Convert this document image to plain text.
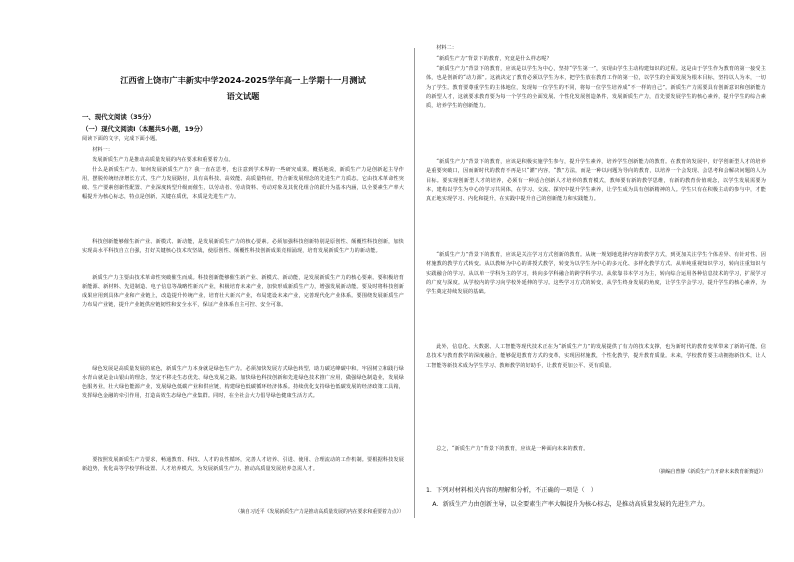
江西省上饶市广丰新实中学2024-2025学年高一上学期十一月测试
语文试题
一、现代文阅读（35分）
（一）现代文阅读Ⅰ（本题共5小题，19分）
阅读下面的文字，完成下面小题。
材料一：
发展新质生产力是推动高质量发展的内在要求和重要着力点。
什么是新质生产力、如何发展新质生产力？我一直在思考，也注意到学术界的一些研究成果。概括地说，新质生产力是创新起主导作用，摆脱传统经济增长方式、生产力发展路径，具有高科技、高效能、高质量特征，符合新发展理念的先进生产力质态。它由技术革命性突破、生产要素创新性配置、产业深度转型升级而催生，以劳动者、劳动资料、劳动对象及其优化组合的跃升为基本内涵，以全要素生产率大幅提升为核心标志，特点是创新，关键在质优，本质是先进生产力。
科技创新能够催生新产业、新模式、新动能，是发展新质生产力的核心要素。必须加强科技创新特别是原创性、颠覆性科技创新，加快实现高水平科技自立自强，打好关键核心技术攻坚战，使原创性、颠覆性科技创新成果竞相涌现，培育发展新质生产力的新动能。
新质生产力主要由技术革命性突破催生而成。科技创新能够催生新产业、新模式、新动能，是发展新质生产力的核心要素。要积极培育新能源、新材料、先进制造、电子信息等战略性新兴产业，积极培育未来产业，加快形成新质生产力，增强发展新动能。要及时将科技创新成果应用到具体产业和产业链上，改造提升传统产业，培育壮大新兴产业，布局建设未来产业，完善现代化产业体系。要围绕发展新质生产力布局产业链，提升产业链供应链韧性和安全水平，保证产业体系自主可控、安全可靠。
绿色发展是高质量发展的底色，新质生产力本身就是绿色生产力。必须加快发展方式绿色转型，助力碳达峰碳中和。牢固树立和践行绿水青山就是金山银山的理念，坚定不移走生态优先、绿色发展之路。加快绿色科技创新和先进绿色技术推广应用，做强绿色制造业，发展绿色服务业，壮大绿色能源产业，发展绿色低碳产业和供应链，构建绿色低碳循环经济体系。持续优化支持绿色低碳发展的经济政策工具箱，发挥绿色金融的牵引作用，打造高效生态绿色产业集群。同时，在全社会大力倡导绿色健康生活方式。
要按照发展新质生产力要求，畅通教育、科技、人才的良性循环，完善人才培养、引进、使用、合理流动的工作机制。要根据科技发展新趋势，优化高等学校学科设置、人才培养模式，为发展新质生产力、推动高质量发展培养急需人才。
（摘自习近平《发展新质生产力是推动高质量发展的内在要求和重要着力点》）
材料二：
“新质生产力”背景下的教育，究竟是什么样态呢？
“新质生产力”背景下的教育，应该是以学生为中心，坚持“学生第一”，实现由学生主动构建知识的过程。这是由于学生作为教育的第一接受主体，也是创新的“动力源”。这就决定了教育必须以学生为本，把学生放在教育工作的第一位，以学生的全面发展为根本目标，坚持以人为本，一切为了学生。教育要尊重学生的主体地位，发现每一位学生的不同，将每一位学生培养成“不一样的自己”。新质生产力需要具有创新意识和创新能力的新型人才，这就要求教育要为每一个学生的全面发展、个性化发展创造条件，发展新质生产力，首先要发展学生的核心素养，提升学生的综合素质，培养学生的创新能力。
“新质生产力”背景下的教育，应该是积极实施学生参与，提升学生素养，培养学生创新能力的教育。在教育的发展中，好学创新型人才的培养是重要突破口，因而新时代的教育不再是只“灌”内容，“教”方法，而是一种以问题为导向的教育，以培养一个会发现、会思考和会解决问题的人为目标。要实现创新型人才的培养，必须有一种适合创新人才培养的教育模式，教师要有新的教学思维，有新的教育价值观念，以学生发展需要为本，建构以学生为中心的学习共同体，在学习、交流、探究中提升学生素养，让学生成为具有创新精神的人。学生只有在积极主动的参与中，才能真正地实现学习、内化和提升，在实践中提升自己的创新能力和实践能力。
“新质生产力”背景下的教育，应该是关注学习方式创新的教育。从统一规划地选择内容的教学方式，到更加关注学生个体差异、有针对性、因材施教的教学方式转变。从以教师为中心的讲授式教学，转变为以学生为中心的多元化、多样化教学方式。从单纯重视知识学习，转向注重知识与实践融合的学习。从以单一学科为主的学习，转向多学科融合的跨学科学习。从依靠书本学习为主，转向综合运用各种信息技术的学习，扩展学习的广度与深度。从学校内的学习向学校外延伸的学习。这些学习方式的转变，从学生终身发展的角度，让学生学会学习，提升学生的核心素养，为学生奠定持续发展的基础。
此外，信息化、大数据、人工智能等现代技术正在为“新质生产力”的发展提供了有力的技术支撑，也为新时代的教育变革带来了新的可能。信息技术与教育教学的深度融合，能够促进教育方式的变革，实现因材施教，个性化教学，提升教育质量。未来，学校教育要主动拥抱新技术，让人工智能等新技术成为学生学习、教师教学的好助手，让教育更加公平、更有质量。
总之，“新质生产力”背景下的教育，应该是一种面向未来的教育。
（摘编自曾静《新质生产力开辟未来教育新赛道》）
1．下列对材料相关内容的理解和分析，不正确的一项是（　）
A．新质生产力由创新主导，以全要素生产率大幅提升为核心标志，是推动高质量发展的先进生产力。
